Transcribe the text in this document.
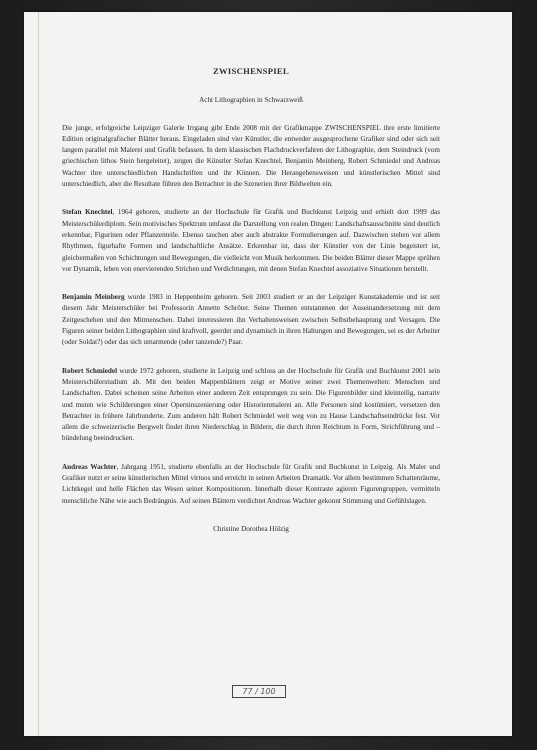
ZWISCHENSPIEL
Acht Lithographien in Schwarzweiß

Die junge, erfolgreiche Leipziger Galerie Irrgang gibt Ende 2008 mit der Grafikmappe ZWISCHENSPIEL ihre erste limitierte Edition originalgrafischer Blätter heraus. Eingeladen sind vier Künstler, die entweder ausgesprochene Grafiker sind oder sich seit langem parallel mit Malerei und Grafik befassen. In dem klassischen Flachdruckverfahren der Lithographie, dem Steindruck (vom griechischen lithos Stein hergeleitet), zeigen die Künstler Stefan Knechtel, Benjamin Meinberg, Robert Schmiedel und Andreas Wachter ihre unterschiedlichen Handschriften und ihr Können. Die Herangehensweisen und künstlerischen Mittel sind unterschiedlich, aber die Resultate führen den Betrachter in die Szenerien ihrer Bildwelten ein.

Stefan Knechtel, 1964 geboren, studierte an der Hochschule für Grafik und Buchkunst Leipzig und erhielt dort 1999 das Meisterschülerdiplom. Sein motivisches Spektrum umfasst die Darstellung von realen Dingen: Landschaftsausschnitte sind deutlich erkennbar, Figurinen oder Pflanzenteile. Ebenso tauchen aber auch abstrakte Formulierungen auf. Dazwischen stehen vor allem Rhythmen, figurhafte Formen und landschaftliche Ansätze. Erkennbar ist, dass der Künstler von der Linie begeistert ist, gleichermaßen von Schichtungen und Bewegungen, die vielleicht von Musik herkommen. Die beiden Blätter dieser Mappe sprühen vor Dynamik, leben von enervierenden Strichen und Verdichtungen, mit denen Stefan Knechtel assoziative Situationen herstellt.

Benjamin Meinberg wurde 1983 in Heppenheim geboren. Seit 2003 studiert er an der Leipziger Kunstakademie und ist seit diesem Jahr Meisterschüler bei Professorin Annette Schröter. Seine Themen entstammen der Auseinandersetzung mit dem Zeitgeschehen und den Mitmenschen. Dabei interessieren ihn Verhaltensweisen zwischen Selbstbehauptung und Versagen. Die Figuren seiner beiden Lithographien sind kraftvoll, geerdet und dynamisch in ihren Haltungen und Bewegungen, sei es der Arbeiter (oder Soldat?) oder das sich umarmende (oder tanzende?) Paar.

Robert Schmiedel wurde 1972 geboren, studierte in Leipzig und schloss an der Hochschule für Grafik und Buchkunst 2001 sein Meisterschülerstudium ab. Mit den beiden Mappenblättern zeigt er Motive seiner zwei Themenwelten: Menschen und Landschaften. Dabei scheinen seine Arbeiten einer anderen Zeit entsprungen zu sein. Die Figurenbilder sind kleinteilig, narrativ und muten wie Schilderungen einer Operninszenierung oder Historienmalerei an. Alle Personen sind kostümiert, versetzen den Betrachter in frühere Jahrhunderte. Zum anderen hält Robert Schmiedel weit weg von zu Hause Landschaftseindrücke fest. Vor allem die schweizerische Bergwelt findet ihren Niederschlag in Bildern, die durch ihren Reichtum in Form, Strichführung und –bündelung beeindrucken.

Andreas Wachter, Jahrgang 1951, studierte ebenfalls an der Hochschule für Grafik und Buchkunst in Leipzig. Als Maler und Grafiker nutzt er seine künstlerischen Mittel virtuos und erreicht in seinen Arbeiten Dramatik. Vor allem bestimmen Schattenräume, Lichtkegel und helle Flächen das Wesen seiner Kompositionen. Innerhalb dieser Kontraste agieren Figurengruppen, vermitteln menschliche Nähe wie auch Bedrängnis. Auf seinen Blättern verdichtet Andreas Wachter gekonnt Stimmung und Gefühlslagen.

Christine Dorothea Hölzig
77 / 100
